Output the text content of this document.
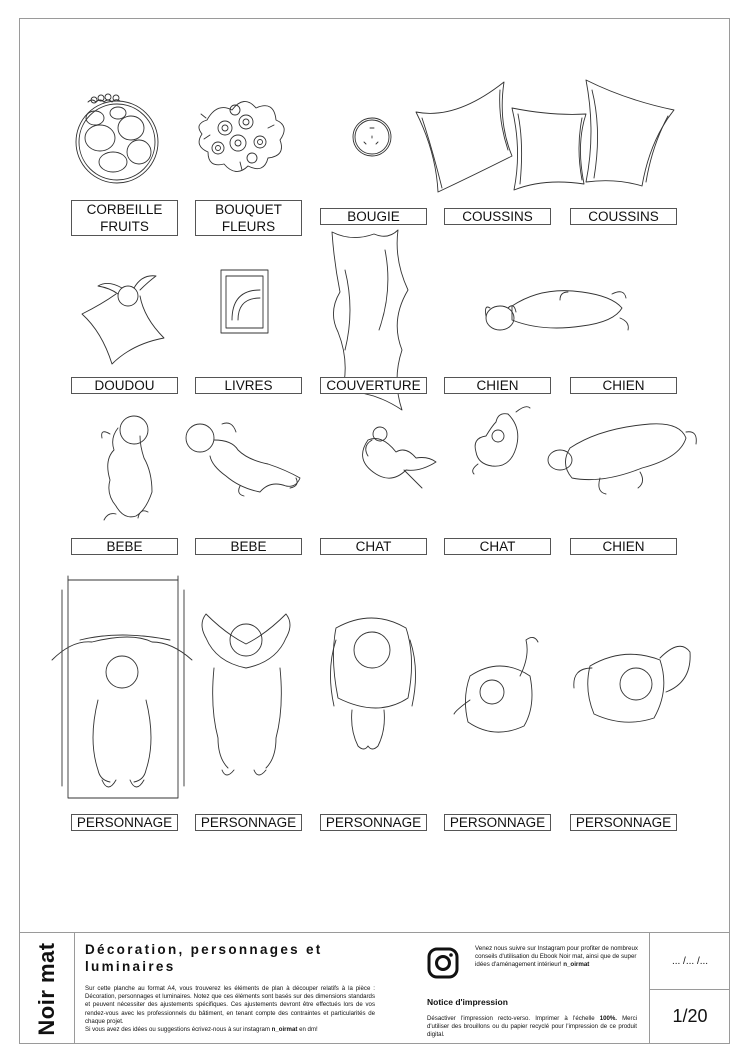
CORBEILLE
FRUITS
BOUQUET
FLEURS
BOUGIE	COUSSINS	COUSSINS
DOUDOU	LIVRES	COUVERTURE	CHIEN	CHIEN
BEBE	BEBE	CHAT	CHAT	CHIEN
PERSONNAGE	PERSONNAGE	PERSONNAGE	PERSONNAGE	PERSONNAGE
Noir mat Décoration, personnages et luminaires

Sur cette planche au format A4, vous trouverez les éléments de plan à découper relatifs à la pièce : Décoration, personnages et luminaires. Notez que ces éléments sont basés sur des dimensions standards et peuvent nécessiter des ajustements spécifiques. Ces ajustements devront être effectués lors de vos rendez-vous avec les professionnels du bâtiment, en tenant compte des contraintes et particularités de chaque projet.
Si vous avez des idées ou suggestions écrivez-nous à sur instagram n_oirmat en dm!

Venez nous suivre sur Instagram pour profiter de nombreux conseils d'utilisation du Ebook Noir mat, ainsi que de super idées d'aménagement intérieur! n_oirmat
Notice d'impression
Désactiver l'impression recto-verso. Imprimer à l'échelle 100%. Merci d'utiliser des brouillons ou du papier recyclé pour l'impression de ce produit digital.
... /... /...
1/20
